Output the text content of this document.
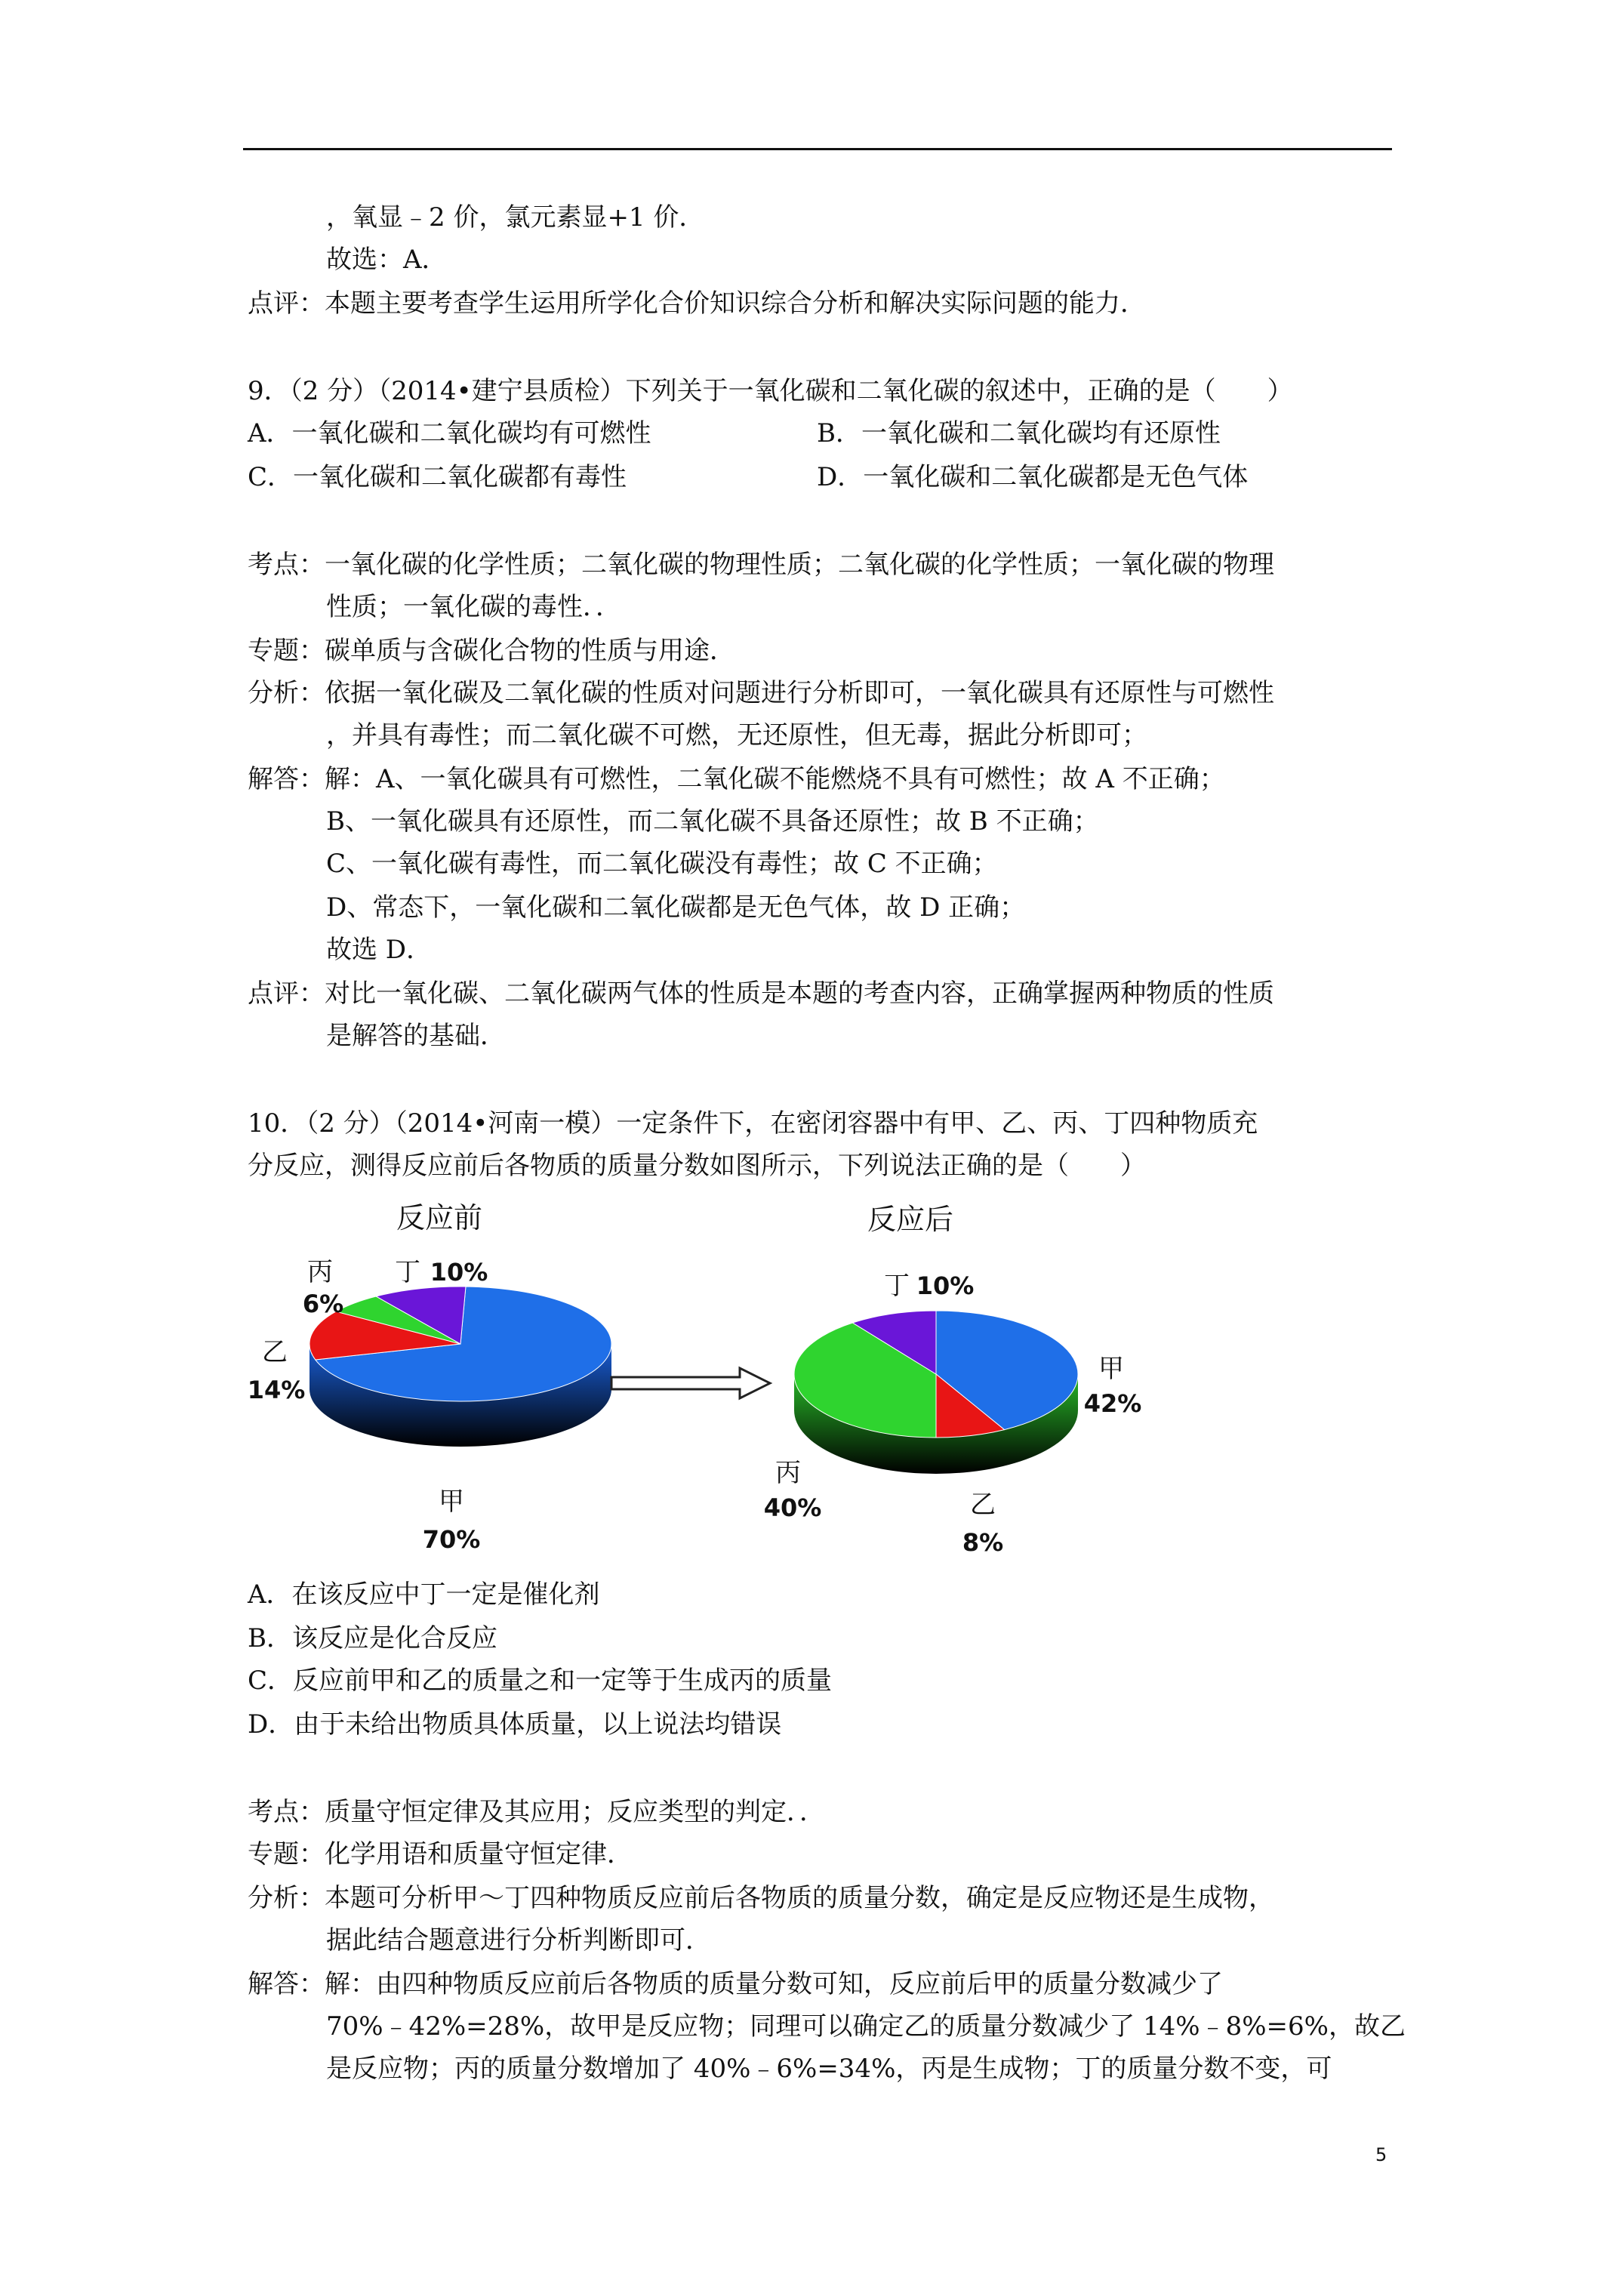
，氧显﹣2 价，氯元素显+1 价．
故选：A．
点评：本题主要考查学生运用所学化合价知识综合分析和解决实际问题的能力．
9．（2 分）（2014•建宁县质检）下列关于一氧化碳和二氧化碳的叙述中，正确的是（　　）
A．一氧化碳和二氧化碳均有可燃性	B．一氧化碳和二氧化碳均有还原性
C．一氧化碳和二氧化碳都有毒性	D．一氧化碳和二氧化碳都是无色气体
考点：一氧化碳的化学性质；二氧化碳的物理性质；二氧化碳的化学性质；一氧化碳的物理
性质；一氧化碳的毒性．．
专题：碳单质与含碳化合物的性质与用途．
分析：依据一氧化碳及二氧化碳的性质对问题进行分析即可，一氧化碳具有还原性与可燃性
，并具有毒性；而二氧化碳不可燃，无还原性，但无毒，据此分析即可；
解答：解：A、一氧化碳具有可燃性，二氧化碳不能燃烧不具有可燃性；故 A 不正确；
B、一氧化碳具有还原性，而二氧化碳不具备还原性；故 B 不正确；
C、一氧化碳有毒性，而二氧化碳没有毒性；故 C 不正确；
D、常态下，一氧化碳和二氧化碳都是无色气体，故 D 正确；
故选 D．
点评：对比一氧化碳、二氧化碳两气体的性质是本题的考查内容，正确掌握两种物质的性质
是解答的基础．
10．（2 分）（2014•河南一模）一定条件下，在密闭容器中有甲、乙、丙、丁四种物质充
分反应，测得反应前后各物质的质量分数如图所示，下列说法正确的是（　　）
反应前
甲
70%
乙
14%
丙
6%
丁 10%
反应后
甲
42%
乙
8%
丙
40%
丁 10%
A．在该反应中丁一定是催化剂
B．该反应是化合反应
C．反应前甲和乙的质量之和一定等于生成丙的质量
D．由于未给出物质具体质量，以上说法均错误
考点：质量守恒定律及其应用；反应类型的判定．．
专题：化学用语和质量守恒定律．
分析：本题可分析甲～丁四种物质反应前后各物质的质量分数，确定是反应物还是生成物，
据此结合题意进行分析判断即可．
解答：解：由四种物质反应前后各物质的质量分数可知，反应前后甲的质量分数减少了
70%﹣42%=28%，故甲是反应物；同理可以确定乙的质量分数减少了 14%﹣8%=6%，故乙
是反应物；丙的质量分数增加了 40%﹣6%=34%，丙是生成物；丁的质量分数不变，可
5
